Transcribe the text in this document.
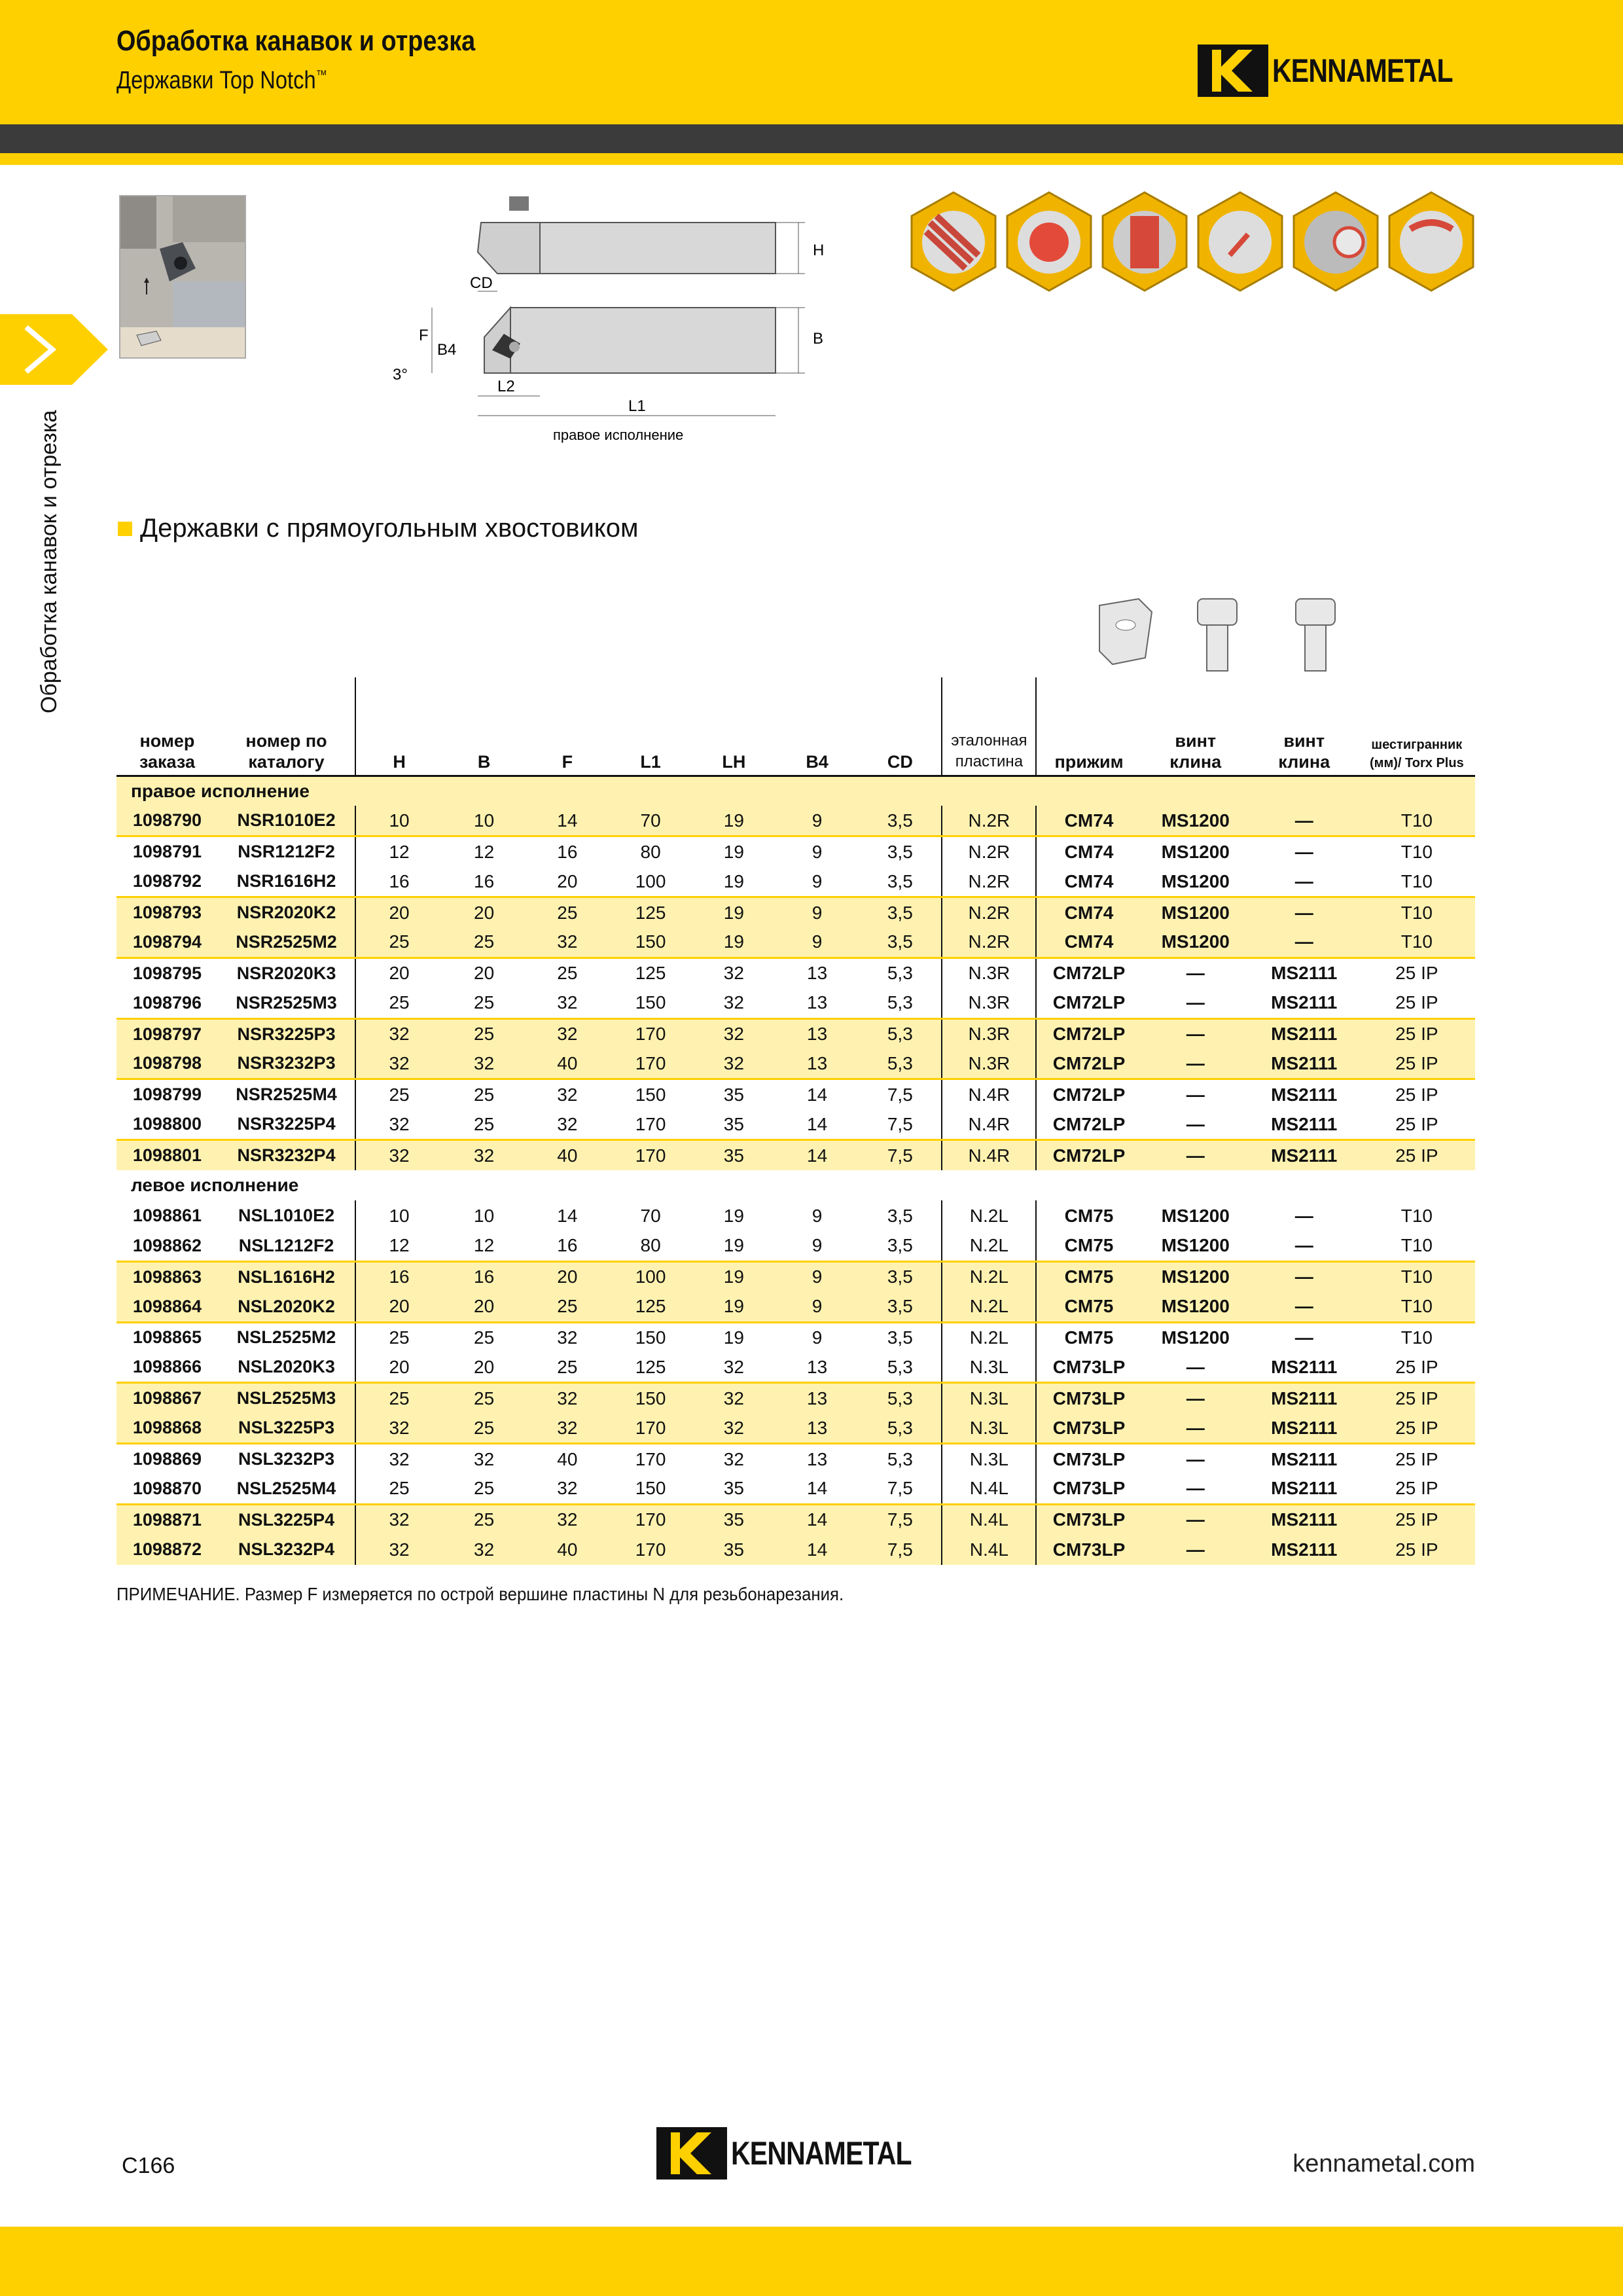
Обработка канавок и отрезка
Державки Top Notch™	KENNAMETAL
Обработка канавок и отрезка
H
B
CD
F
B4
3°
L2
L1
правое исполнение
Державки с прямоугольным хвостовиком
номер заказа	номер по каталогу	H	B	F	L1	LH	B4	CD	эталонная пластина	прижим	винт клина	винт клина	шестигранник (мм)/ Torx Plus
правое исполнение													
1098790	NSR1010E2	10	10	14	70	19	9	3,5	N.2R	CM74	MS1200	—	T10
1098791	NSR1212F2	12	12	16	80	19	9	3,5	N.2R	CM74	MS1200	—	T10
1098792	NSR1616H2	16	16	20	100	19	9	3,5	N.2R	CM74	MS1200	—	T10
1098793	NSR2020K2	20	20	25	125	19	9	3,5	N.2R	CM74	MS1200	—	T10
1098794	NSR2525M2	25	25	32	150	19	9	3,5	N.2R	CM74	MS1200	—	T10
1098795	NSR2020K3	20	20	25	125	32	13	5,3	N.3R	CM72LP	—	MS2111	25 IP
1098796	NSR2525M3	25	25	32	150	32	13	5,3	N.3R	CM72LP	—	MS2111	25 IP
1098797	NSR3225P3	32	25	32	170	32	13	5,3	N.3R	CM72LP	—	MS2111	25 IP
1098798	NSR3232P3	32	32	40	170	32	13	5,3	N.3R	CM72LP	—	MS2111	25 IP
1098799	NSR2525M4	25	25	32	150	35	14	7,5	N.4R	CM72LP	—	MS2111	25 IP
1098800	NSR3225P4	32	25	32	170	35	14	7,5	N.4R	CM72LP	—	MS2111	25 IP
1098801	NSR3232P4	32	32	40	170	35	14	7,5	N.4R	CM72LP	—	MS2111	25 IP
левое исполнение													
1098861	NSL1010E2	10	10	14	70	19	9	3,5	N.2L	CM75	MS1200	—	T10
1098862	NSL1212F2	12	12	16	80	19	9	3,5	N.2L	CM75	MS1200	—	T10
1098863	NSL1616H2	16	16	20	100	19	9	3,5	N.2L	CM75	MS1200	—	T10
1098864	NSL2020K2	20	20	25	125	19	9	3,5	N.2L	CM75	MS1200	—	T10
1098865	NSL2525M2	25	25	32	150	19	9	3,5	N.2L	CM75	MS1200	—	T10
1098866	NSL2020K3	20	20	25	125	32	13	5,3	N.3L	CM73LP	—	MS2111	25 IP
1098867	NSL2525M3	25	25	32	150	32	13	5,3	N.3L	CM73LP	—	MS2111	25 IP
1098868	NSL3225P3	32	25	32	170	32	13	5,3	N.3L	CM73LP	—	MS2111	25 IP
1098869	NSL3232P3	32	32	40	170	32	13	5,3	N.3L	CM73LP	—	MS2111	25 IP
1098870	NSL2525M4	25	25	32	150	35	14	7,5	N.4L	CM73LP	—	MS2111	25 IP
1098871	NSL3225P4	32	25	32	170	35	14	7,5	N.4L	CM73LP	—	MS2111	25 IP
1098872	NSL3232P4	32	32	40	170	35	14	7,5	N.4L	CM73LP	—	MS2111	25 IP
ПРИМЕЧАНИЕ. Размер F измеряется по острой вершине пластины N для резьбонарезания.
C166	KENNAMETAL	kennametal.com
